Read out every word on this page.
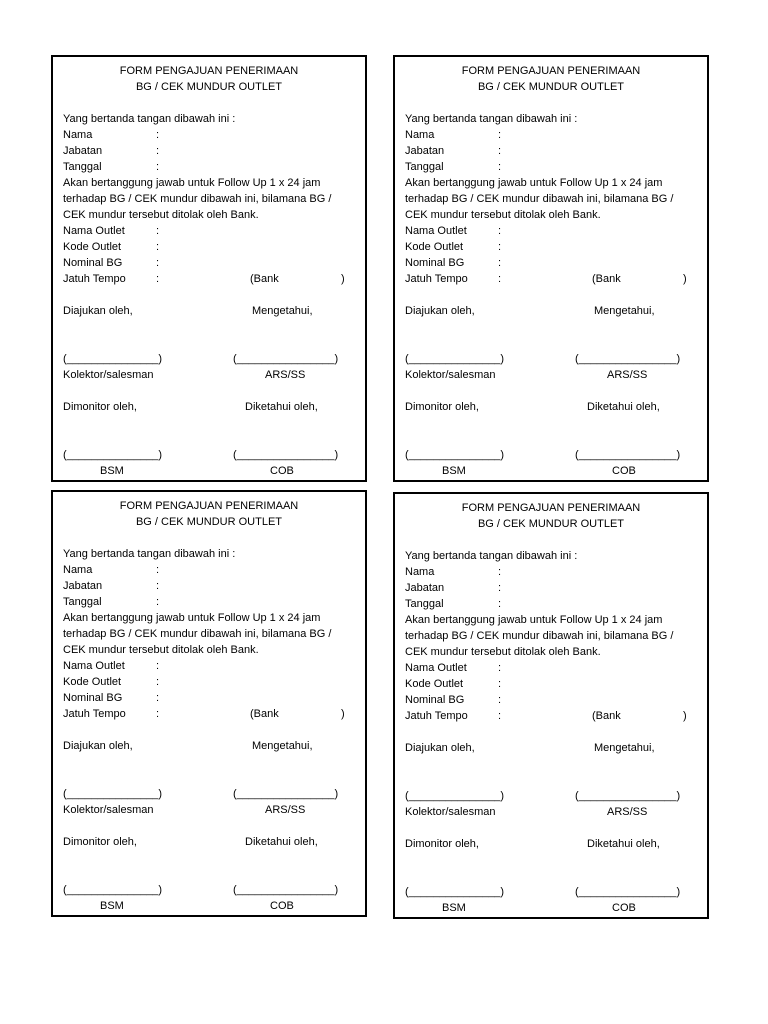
FORM PENGAJUAN PENERIMAAN
BG / CEK MUNDUR OUTLET
Yang bertanda tangan dibawah ini :
Nama	:
Jabatan	:
Tanggal	:
Akan bertanggung jawab untuk Follow Up 1 x 24 jam
terhadap BG / CEK mundur dibawah ini, bilamana BG /
CEK mundur tersebut ditolak oleh Bank.
Nama Outlet	:
Kode Outlet	:
Nominal BG	:
Jatuh Tempo	:	(Bank	)
Diajukan oleh,	Mengetahui,
(_______________)	(________________)
Kolektor/salesman	ARS/SS
Dimonitor oleh,	Diketahui oleh,
(_______________)	(________________)
BSM	COB
FORM PENGAJUAN PENERIMAAN
BG / CEK MUNDUR OUTLET
Yang bertanda tangan dibawah ini :
Nama	:
Jabatan	:
Tanggal	:
Akan bertanggung jawab untuk Follow Up 1 x 24 jam
terhadap BG / CEK mundur dibawah ini, bilamana BG /
CEK mundur tersebut ditolak oleh Bank.
Nama Outlet	:
Kode Outlet	:
Nominal BG	:
Jatuh Tempo	:	(Bank	)
Diajukan oleh,	Mengetahui,
(_______________)	(________________)
Kolektor/salesman	ARS/SS
Dimonitor oleh,	Diketahui oleh,
(_______________)	(________________)
BSM	COB
FORM PENGAJUAN PENERIMAAN
BG / CEK MUNDUR OUTLET
Yang bertanda tangan dibawah ini :
Nama	:
Jabatan	:
Tanggal	:
Akan bertanggung jawab untuk Follow Up 1 x 24 jam
terhadap BG / CEK mundur dibawah ini, bilamana BG /
CEK mundur tersebut ditolak oleh Bank.
Nama Outlet	:
Kode Outlet	:
Nominal BG	:
Jatuh Tempo	:	(Bank	)
Diajukan oleh,	Mengetahui,
(_______________)	(________________)
Kolektor/salesman	ARS/SS
Dimonitor oleh,	Diketahui oleh,
(_______________)	(________________)
BSM	COB
FORM PENGAJUAN PENERIMAAN
BG / CEK MUNDUR OUTLET
Yang bertanda tangan dibawah ini :
Nama	:
Jabatan	:
Tanggal	:
Akan bertanggung jawab untuk Follow Up 1 x 24 jam
terhadap BG / CEK mundur dibawah ini, bilamana BG /
CEK mundur tersebut ditolak oleh Bank.
Nama Outlet	:
Kode Outlet	:
Nominal BG	:
Jatuh Tempo	:	(Bank	)
Diajukan oleh,	Mengetahui,
(_______________)	(________________)
Kolektor/salesman	ARS/SS
Dimonitor oleh,	Diketahui oleh,
(_______________)	(________________)
BSM	COB
